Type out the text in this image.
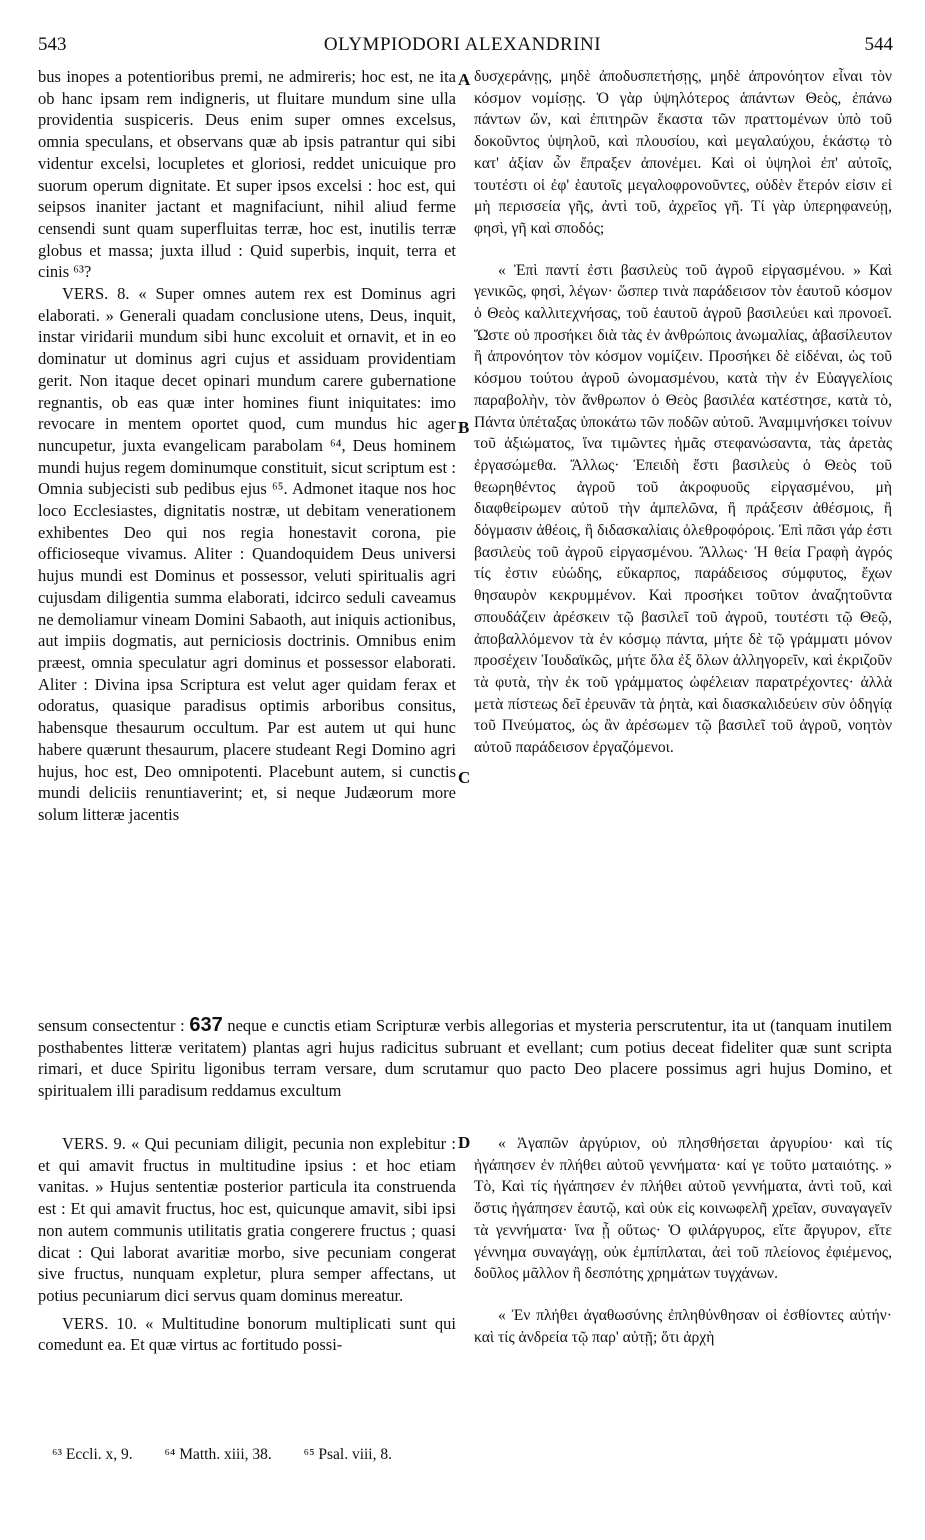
543	OLYMPIODORI ALEXANDRINI	544
A
B
C
D

bus inopes a potentioribus premi, ne admireris; hoc est, ne ita ob hanc ipsam rem indigneris, ut fluitare mundum sine ulla providentia suspiceris. Deus enim super omnes excelsus, omnia speculans, et observans quæ ab ipsis patrantur qui sibi videntur excelsi, locupletes et gloriosi, reddet unicuique pro suorum operum dignitate. Et super ipsos excelsi : hoc est, qui seipsos inaniter jactant et magnifaciunt, nihil aliud ferme censendi sunt quam superfluitas terræ, hoc est, inutilis terræ globus et massa; juxta illud : Quid superbis, inquit, terra et cinis ⁶³?

VERS. 8. « Super omnes autem rex est Dominus agri elaborati. » Generali quadam conclusione utens, Deus, inquit, instar viridarii mundum sibi hunc excoluit et ornavit, et in eo dominatur ut dominus agri cujus et assiduam providentiam gerit. Non itaque decet opinari mundum carere gubernatione regnantis, ob eas quæ inter homines fiunt iniquitates: imo revocare in mentem oportet quod, cum mundus hic ager nuncupetur, juxta evangelicam parabolam ⁶⁴, Deus hominem mundi hujus regem dominumque constituit, sicut scriptum est : Omnia subjecisti sub pedibus ejus ⁶⁵. Admonet itaque nos hoc loco Ecclesiastes, dignitatis nostræ, ut debitam venerationem exhibentes Deo qui nos regia honestavit corona, pie officioseque vivamus. Aliter : Quandoquidem Deus universi hujus mundi est Dominus et possessor, veluti spiritualis agri cujusdam diligentia summa elaborati, idcirco seduli caveamus ne demoliamur vineam Domini Sabaoth, aut iniquis actionibus, aut impiis dogmatis, aut perniciosis doctrinis. Omnibus enim præest, omnia speculatur agri dominus et possessor elaborati. Aliter : Divina ipsa Scriptura est velut ager quidam ferax et odoratus, quasique paradisus optimis arboribus consitus, habensque thesaurum occultum. Par est autem ut qui hunc habere quærunt thesaurum, placere studeant Regi Domino agri hujus, hoc est, Deo omnipotenti. Placebunt autem, si cunctis mundi deliciis renuntiaverint; et, si neque Judæorum more solum litteræ jacentis

δυσχεράνῃς, μηδὲ ἀποδυσπετήσῃς, μηδὲ ἀπρονόητον εἶναι τὸν κόσμον νομίσῃς. Ὁ γὰρ ὑψηλότερος ἁπάντων Θεὸς, ἐπάνω πάντων ὤν, καὶ ἐπιτηρῶν ἕκαστα τῶν πραττομένων ὑπὸ τοῦ δοκοῦντος ὑψηλοῦ, καὶ πλουσίου, καὶ μεγαλαύχου, ἑκάστῳ τὸ κατ' ἀξίαν ὧν ἔπραξεν ἀπονέμει. Καὶ οἱ ὑψηλοὶ ἐπ' αὐτοῖς, τουτέστι οἱ ἐφ' ἑαυτοῖς μεγαλοφρονοῦντες, οὐδὲν ἕτερόν εἰσιν εἰ μὴ περισσεία γῆς, ἀντὶ τοῦ, ἀχρεῖος γῆ. Τί γὰρ ὑπερηφανεύῃ, φησὶ, γῆ καὶ σποδός;

« Ἐπὶ παντί ἐστι βασιλεὺς τοῦ ἀγροῦ εἰργασμένου. » Καὶ γενικῶς, φησὶ, λέγων· ὥσπερ τινὰ παράδεισον τὸν ἑαυτοῦ κόσμον ὁ Θεὸς καλλιτεχνήσας, τοῦ ἑαυτοῦ ἀγροῦ βασιλεύει καὶ προνοεῖ. Ὥστε οὐ προσήκει διὰ τὰς ἐν ἀνθρώποις ἀνωμαλίας, ἀβασίλευτον ἢ ἀπρονόητον τὸν κόσμον νομίζειν. Προσήκει δὲ εἰδέναι, ὡς τοῦ κόσμου τούτου ἀγροῦ ὠνομασμένου, κατὰ τὴν ἐν Εὐαγγελίοις παραβολὴν, τὸν ἄνθρωπον ὁ Θεὸς βασιλέα κατέστησε, κατὰ τὸ, Πάντα ὑπέταξας ὑποκάτω τῶν ποδῶν αὐτοῦ. Ἀναμιμνήσκει τοίνυν τοῦ ἀξιώματος, ἵνα τιμῶντες ἡμᾶς στεφανώσαντα, τὰς ἀρετὰς ἐργασώμεθα. Ἄλλως· Ἐπειδὴ ἔστι βασιλεὺς ὁ Θεὸς τοῦ θεωρηθέντος ἀγροῦ τοῦ ἀκροφυοῦς εἰργασμένου, μὴ διαφθείρωμεν αὐτοῦ τὴν ἀμπελῶνα, ἢ πράξεσιν ἀθέσμοις, ἢ δόγμασιν ἀθέοις, ἢ διδασκαλίαις ὀλεθροφόροις. Ἐπὶ πᾶσι γάρ ἐστι βασιλεὺς τοῦ ἀγροῦ εἰργασμένου. Ἄλλως· Ἡ θεία Γραφὴ ἀγρός τίς ἐστιν εὐώδης, εὔκαρπος, παράδεισος σύμφυτος, ἔχων θησαυρὸν κεκρυμμένον. Καὶ προσήκει τοῦτον ἀναζητοῦντα σπουδάζειν ἀρέσκειν τῷ βασιλεῖ τοῦ ἀγροῦ, τουτέστι τῷ Θεῷ, ἀποβαλλόμενον τὰ ἐν κόσμῳ πάντα, μήτε δὲ τῷ γράμματι μόνον προσέχειν Ἰουδαϊκῶς, μήτε ὅλα ἐξ ὅλων ἀλληγορεῖν, καὶ ἐκριζοῦν τὰ φυτὰ, τὴν ἐκ τοῦ γράμματος ὠφέλειαν παρατρέχοντες· ἀλλὰ μετὰ πίστεως δεῖ ἐρευνᾶν τὰ ῥητὰ, καὶ διασκαλιδεύειν σὺν ὁδηγίᾳ τοῦ Πνεύματος, ὡς ἂν ἀρέσωμεν τῷ βασιλεῖ τοῦ ἀγροῦ, νοητὸν αὐτοῦ παράδεισον ἐργαζόμενοι.

sensum consectentur : 637 neque e cunctis etiam Scripturæ verbis allegorias et mysteria perscrutentur, ita ut (tanquam inutilem posthabentes litteræ veritatem) plantas agri hujus radicitus subruant et evellant; cum potius deceat fideliter quæ sunt scripta rimari, et duce Spiritu ligonibus terram versare, dum scrutamur quo pacto Deo placere possimus agri hujus Domino, et spiritualem illi paradisum reddamus excultum

VERS. 9. « Qui pecuniam diligit, pecunia non explebitur : et qui amavit fructus in multitudine ipsius : et hoc etiam vanitas. » Hujus sententiæ posterior particula ita construenda est : Et qui amavit fructus, hoc est, quicunque amavit, sibi ipsi non autem communis utilitatis gratia congerere fructus ; quasi dicat : Qui laborat avaritiæ morbo, sive pecuniam congerat sive fructus, nunquam expletur, plura semper affectans, ut potius pecuniarum dici servus quam dominus mereatur.

VERS. 10. « Multitudine bonorum multiplicati sunt qui comedunt ea. Et quæ virtus ac fortitudo possi-

« Ἀγαπῶν ἀργύριον, οὐ πλησθήσεται ἀργυρίου· καὶ τίς ἠγάπησεν ἐν πλήθει αὐτοῦ γεννήματα· καί γε τοῦτο ματαιότης. » Τὸ, Καὶ τίς ἠγάπησεν ἐν πλήθει αὐτοῦ γεννήματα, ἀντὶ τοῦ, καὶ ὅστις ἠγάπησεν ἑαυτῷ, καὶ οὐκ εἰς κοινωφελῆ χρεῖαν, συναγαγεῖν τὰ γεννήματα· ἵνα ᾖ οὕτως· Ὁ φιλάργυρος, εἴτε ἄργυρον, εἴτε γέννημα συναγάγῃ, οὐκ ἐμπίπλαται, ἀεὶ τοῦ πλείονος ἐφιέμενος, δοῦλος μᾶλλον ἢ δεσπότης χρημάτων τυγχάνων.

« Ἐν πλήθει ἀγαθωσύνης ἐπληθύνθησαν οἱ ἐσθίοντες αὐτήν· καὶ τίς ἀνδρεία τῷ παρ' αὐτῇ; ὅτι ἀρχὴ

⁶³ Eccli. x, 9. ⁶⁴ Matth. xiii, 38. ⁶⁵ Psal. viii, 8.
